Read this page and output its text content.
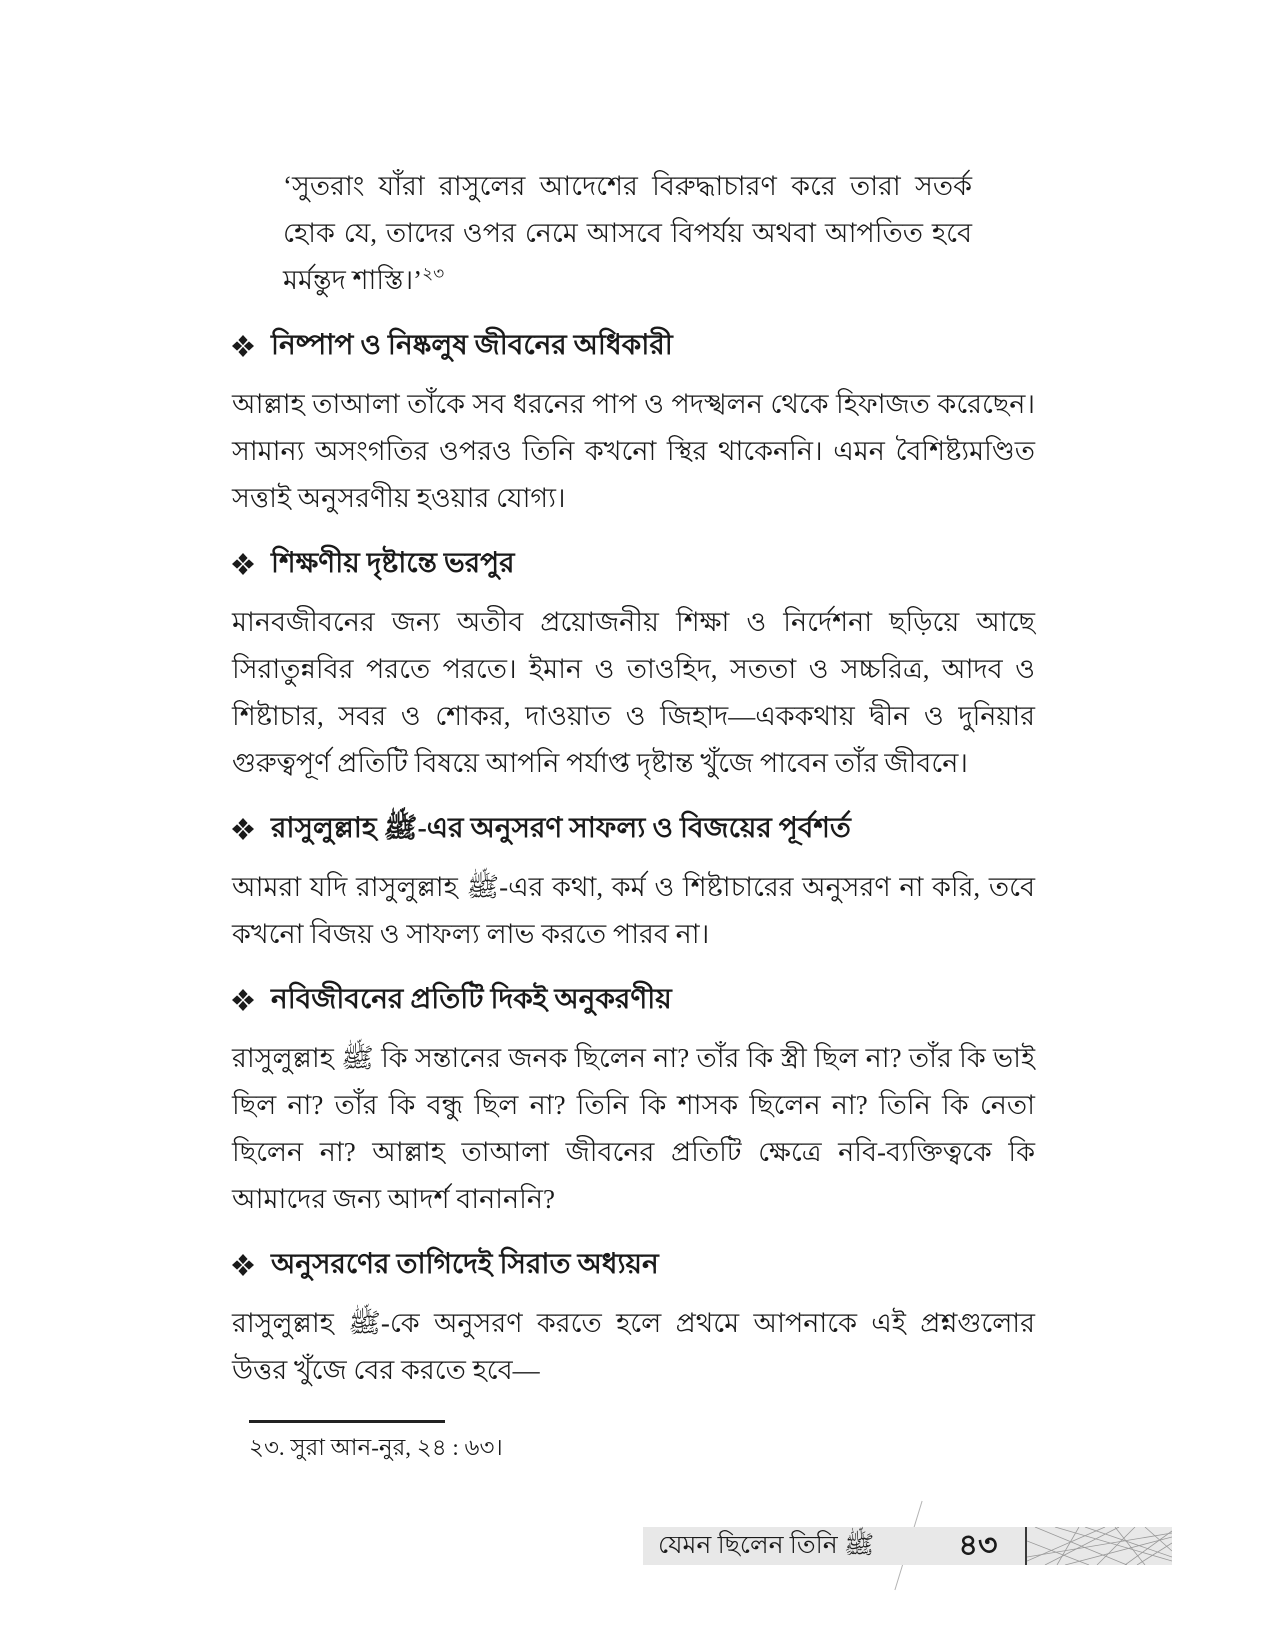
‘সুতরাং যাঁরা রাসুলের আদেশের বিরুদ্ধাচারণ করে তারা সতর্ক হোক যে, তাদের ওপর নেমে আসবে বিপর্যয় অথবা আপতিত হবে মর্মন্তুদ শাস্তি।’$^{২৩}$
নিষ্পাপ ও নিষ্কলুষ জীবনের অধিকারী

আল্লাহ তাআলা তাঁকে সব ধরনের পাপ ও পদস্খলন থেকে হিফাজত করেছেন। সামান্য অসংগতির ওপরও তিনি কখনো স্থির থাকেননি। এমন বৈশিষ্ট্যমণ্ডিত সত্তাই অনুসরণীয় হওয়ার যোগ্য।

শিক্ষণীয় দৃষ্টান্তে ভরপুর

মানবজীবনের জন্য অতীব প্রয়োজনীয় শিক্ষা ও নির্দেশনা ছড়িয়ে আছে সিরাতুন্নবির পরতে পরতে। ইমান ও তাওহিদ, সততা ও সচ্চরিত্র, আদব ও শিষ্টাচার, সবর ও শোকর, দাওয়াত ও জিহাদ—এককথায় দ্বীন ও দুনিয়ার গুরুত্বপূর্ণ প্রতিটি বিষয়ে আপনি পর্যাপ্ত দৃষ্টান্ত খুঁজে পাবেন তাঁর জীবনে।

রাসুলুল্লাহ ﷺ-এর অনুসরণ সাফল্য ও বিজয়ের পূর্বশর্ত

আমরা যদি রাসুলুল্লাহ ﷺ-এর কথা, কর্ম ও শিষ্টাচারের অনুসরণ না করি, তবে কখনো বিজয় ও সাফল্য লাভ করতে পারব না।

নবিজীবনের প্রতিটি দিকই অনুকরণীয়

রাসুলুল্লাহ ﷺ কি সন্তানের জনক ছিলেন না? তাঁর কি স্ত্রী ছিল না? তাঁর কি ভাই ছিল না? তাঁর কি বন্ধু ছিল না? তিনি কি শাসক ছিলেন না? তিনি কি নেতা ছিলেন না? আল্লাহ তাআলা জীবনের প্রতিটি ক্ষেত্রে নবি-ব্যক্তিত্বকে কি আমাদের জন্য আদর্শ বানাননি?

অনুসরণের তাগিদেই সিরাত অধ্যয়ন

রাসুলুল্লাহ ﷺ-কে অনুসরণ করতে হলে প্রথমে আপনাকে এই প্রশ্নগুলোর উত্তর খুঁজে বের করতে হবে—

২৩. সুরা আন-নুর, ২৪ : ৬৩।
যেমন ছিলেন তিনি ﷺ	৪৩
